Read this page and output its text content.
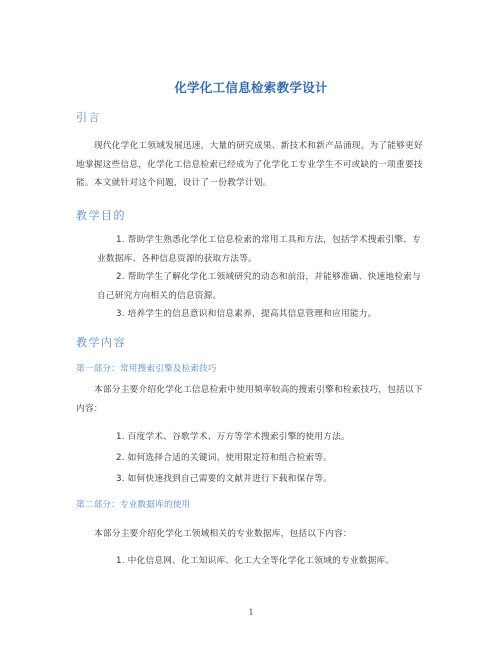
化学化工信息检索教学设计
引言
现代化学化工领域发展迅速，大量的研究成果、新技术和新产品涌现。为了能够更好地掌握这些信息，化学化工信息检索已经成为了化学化工专业学生不可或缺的一项重要技能。本文就针对这个问题，设计了一份教学计划。
教学目的
1. 帮助学生熟悉化学化工信息检索的常用工具和方法，包括学术搜索引擎、专业数据库、各种信息资源的获取方法等。
2. 帮助学生了解化学化工领域研究的动态和前沿，并能够准确、快速地检索与自己研究方向相关的信息资源。
3. 培养学生的信息意识和信息素养，提高其信息管理和应用能力。
教学内容
第一部分：常用搜索引擎及检索技巧
本部分主要介绍化学化工信息检索中使用频率较高的搜索引擎和检索技巧，包括以下内容：
1. 百度学术、谷歌学术、万方等学术搜索引擎的使用方法。
2. 如何选择合适的关键词、使用限定符和组合检索等。
3. 如何快速找到自己需要的文献并进行下载和保存等。
第二部分：专业数据库的使用
本部分主要介绍化学化工领域相关的专业数据库，包括以下内容：
1. 中化信息网、化工知识库、化工大全等化学化工领域的专业数据库。
1
